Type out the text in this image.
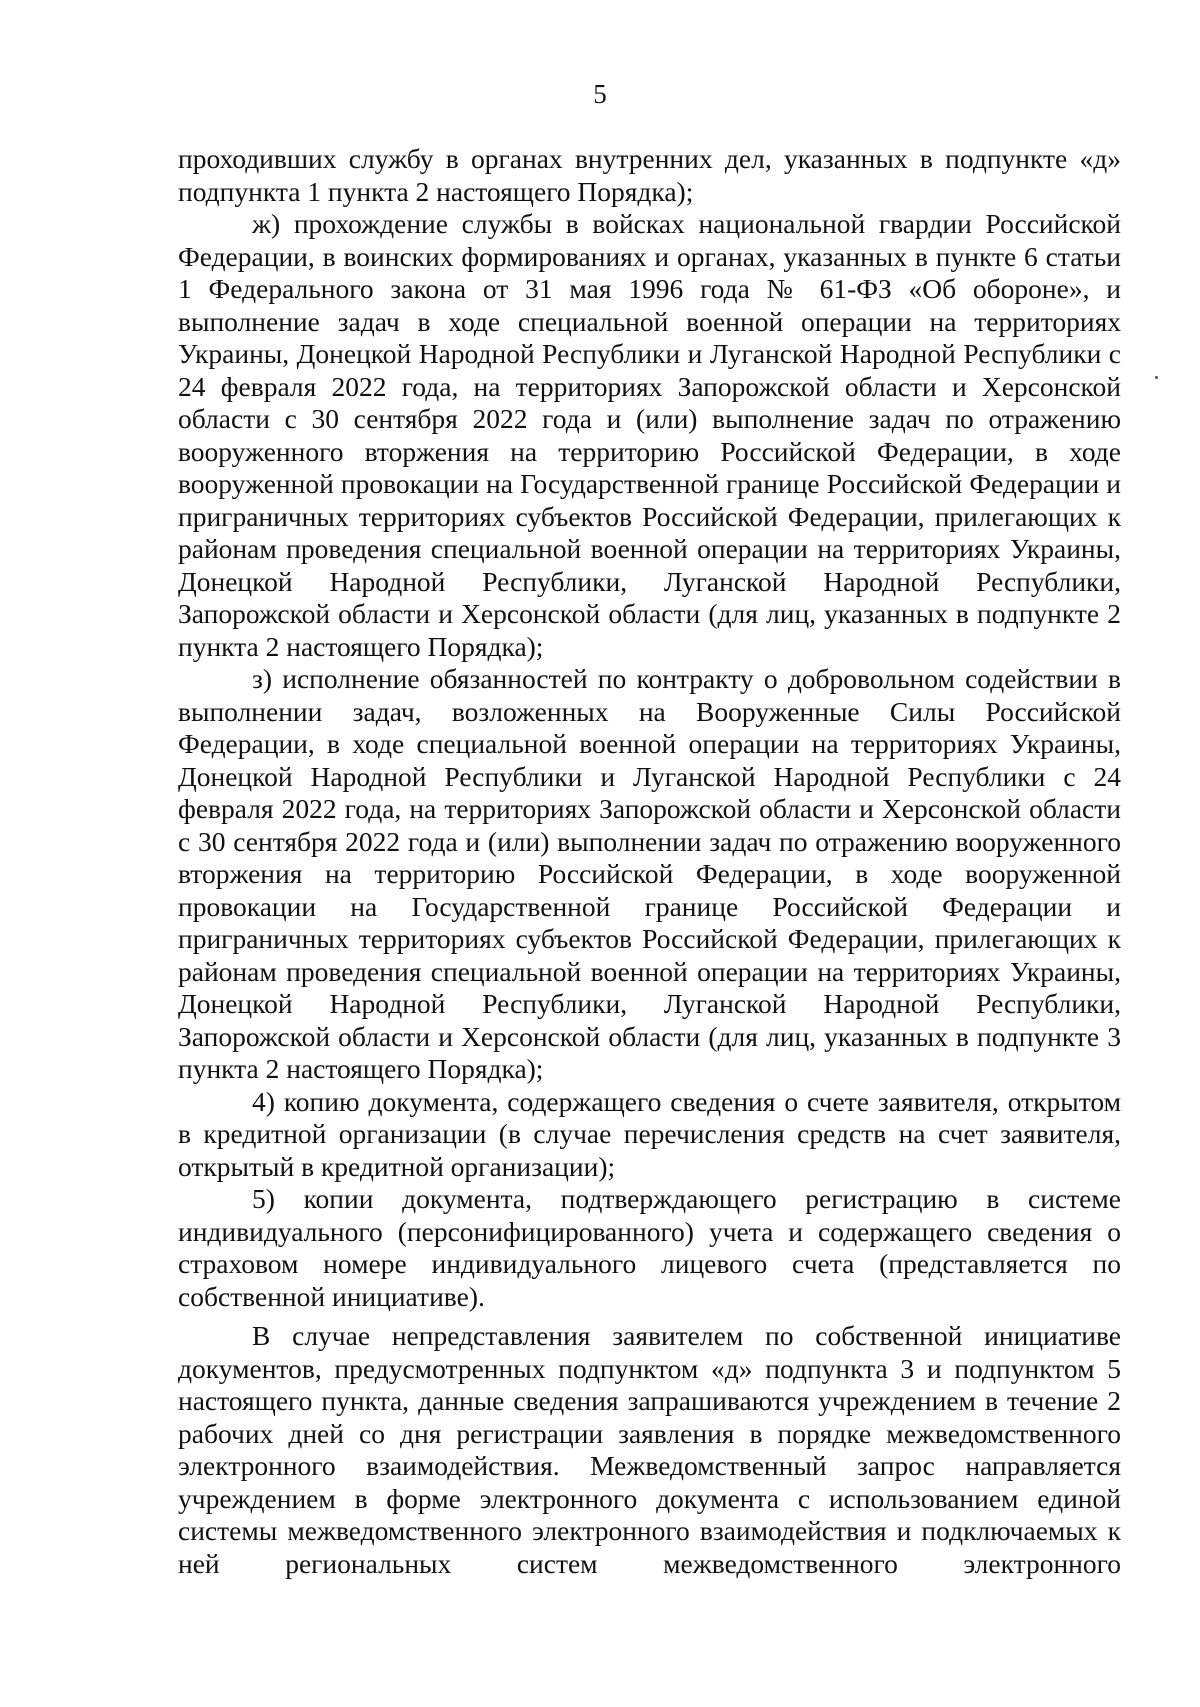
5

проходивших службу в органах внутренних дел, указанных в подпункте «д» подпункта 1 пункта 2 настоящего Порядка);

ж) прохождение службы в войсках национальной гвардии Российской Федерации, в воинских формированиях и органах, указанных в пункте 6 статьи 1 Федерального закона от 31 мая 1996 года № 61-ФЗ «Об обороне», и выполнение задач в ходе специальной военной операции на территориях Украины, Донецкой Народной Республики и Луганской Народной Республики с 24 февраля 2022 года, на территориях Запорожской области и Херсонской области с 30 сентября 2022 года и (или) выполнение задач по отражению вооруженного вторжения на территорию Российской Федерации, в ходе вооруженной провокации на Государственной границе Российской Федерации и приграничных территориях субъектов Российской Федерации, прилегающих к районам проведения специальной военной операции на территориях Украины, Донецкой Народной Республики, Луганской Народной Республики, Запорожской области и Херсонской области (для лиц, указанных в подпункте 2 пункта 2 настоящего Порядка);

з) исполнение обязанностей по контракту о добровольном содействии в выполнении задач, возложенных на Вооруженные Силы Российской Федерации, в ходе специальной военной операции на территориях Украины, Донецкой Народной Республики и Луганской Народной Республики с 24 февраля 2022 года, на территориях Запорожской области и Херсонской области с 30 сентября 2022 года и (или) выполнении задач по отражению вооруженного вторжения на территорию Российской Федерации, в ходе вооруженной провокации на Государственной границе Российской Федерации и приграничных территориях субъектов Российской Федерации, прилегающих к районам проведения специальной военной операции на территориях Украины, Донецкой Народной Республики, Луганской Народной Республики, Запорожской области и Херсонской области (для лиц, указанных в подпункте 3 пункта 2 настоящего Порядка);

4) копию документа, содержащего сведения о счете заявителя, открытом в кредитной организации (в случае перечисления средств на счет заявителя, открытый в кредитной организации);

5) копии документа, подтверждающего регистрацию в системе индивидуального (персонифицированного) учета и содержащего сведения о страховом номере индивидуального лицевого счета (представляется по собственной инициативе).

В случае непредставления заявителем по собственной инициативе документов, предусмотренных подпунктом «д» подпункта 3 и подпунктом 5 настоящего пункта, данные сведения запрашиваются учреждением в течение 2 рабочих дней со дня регистрации заявления в порядке межведомственного электронного взаимодействия. Межведомственный запрос направляется учреждением в форме электронного документа с использованием единой системы межведомственного электронного взаимодействия и подключаемых к ней региональных систем межведомственного электронного
